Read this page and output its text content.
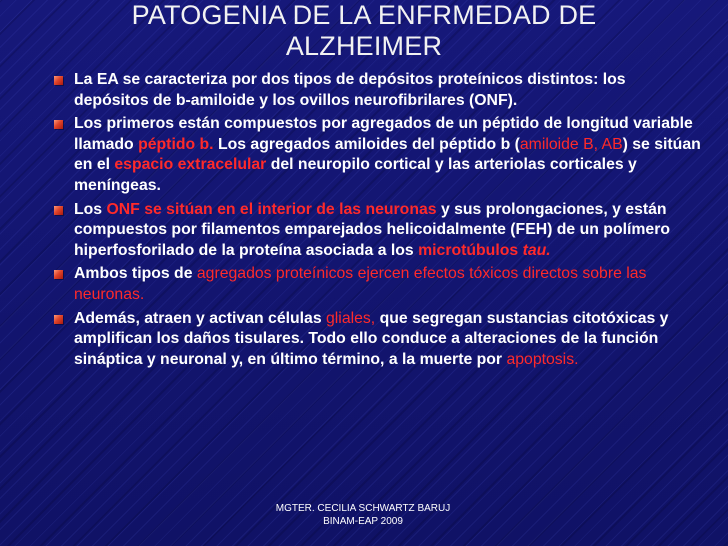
PATOGENIA DE LA ENFRMEDAD DE
ALZHEIMER
La EA se caracteriza por dos tipos de depósitos proteínicos distintos: los depósitos de b-amiloide y los ovillos neurofibrilares (ONF).
Los primeros están compuestos por agregados de un péptido de longitud variable llamado péptido b. Los agregados amiloides del péptido b (amiloide B, AB) se sitúan en el espacio extracelular del neuropilo cortical y las arteriolas corticales y meníngeas.
Los ONF se sitúan en el interior de las neuronas y sus prolongaciones, y están compuestos por filamentos emparejados helicoidalmente (FEH) de un polímero hiperfosforilado de la proteína asociada a los microtúbulos tau.
Ambos tipos de agregados proteínicos ejercen efectos tóxicos directos sobre las neuronas.
Además, atraen y activan células gliales, que segregan sustancias citotóxicas y amplifican los daños tisulares. Todo ello conduce a alteraciones de la función sináptica y neuronal y, en último término, a la muerte por apoptosis.
MGTER. CECILIA SCHWARTZ BARUJ
BINAM-EAP 2009
